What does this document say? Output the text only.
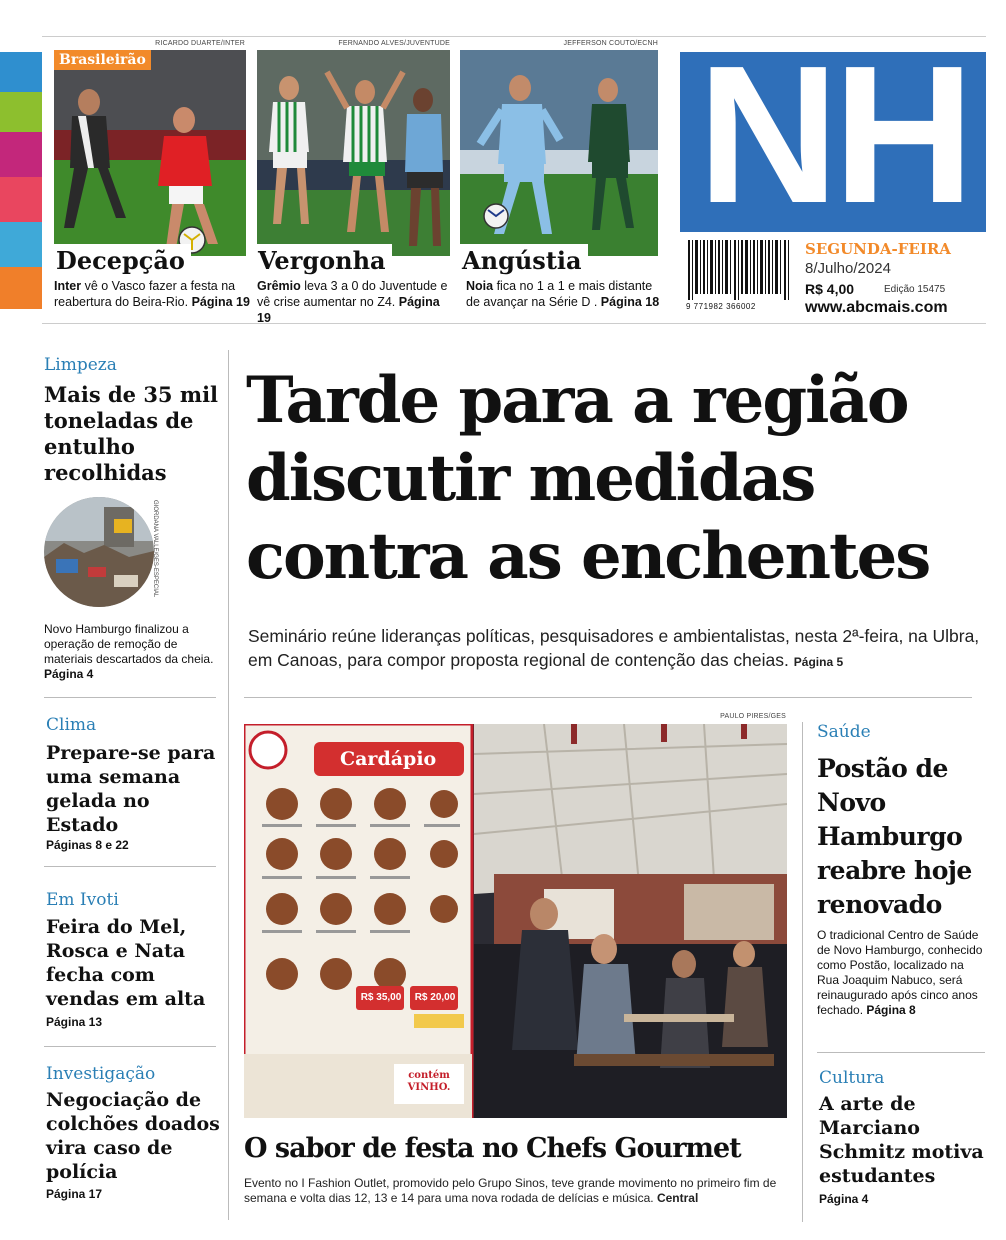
RICARDO DUARTE/INTER
Brasileirão
Decepção
Inter vê o Vasco fazer a festa na reabertura do Beira-Rio. Página 19
FERNANDO ALVES/JUVENTUDE
Vergonha
Grêmio leva 3 a 0 do Juventude e vê crise aumentar no Z4. Página 19
JEFFERSON COUTO/ECNH
Angústia
Noia fica no 1 a 1 e mais distante de avançar na Série D . Página 18
NH
9 771982 366002
SEGUNDA-FEIRA
8/Julho/2024
R$ 4,00	Edição 15475
www.abcmais.com
Tarde para a região discutir medidas contra as enchentes
Seminário reúne lideranças políticas, pesquisadores e ambientalistas, nesta 2ª-feira, na Ulbra, em Canoas, para compor proposta regional de contenção das cheias. Página 5
PAULO PIRES/GES
Cardápio
R$ 35,00 R$ 20,00
contém VINHO.
O sabor de festa no Chefs Gourmet
Evento no I Fashion Outlet, promovido pelo Grupo Sinos, teve grande movimento no primeiro fim de semana e volta dias 12, 13 e 14 para uma nova rodada de delícias e música. Central
Limpeza
Mais de 35 mil toneladas de entulho recolhidas
GIORDANA VALLE/GES-ESPECIAL
Novo Hamburgo finalizou a operação de remoção de materiais descartados da cheia. Página 4
Clima
Prepare-se para uma semana gelada no Estado
Páginas 8 e 22
Em Ivoti
Feira do Mel, Rosca e Nata fecha com vendas em alta
Página 13
Investigação
Negociação de colchões doados vira caso de polícia
Página 17
Saúde
Postão de Novo Hamburgo reabre hoje renovado
O tradicional Centro de Saúde de Novo Hamburgo, conhecido como Postão, localizado na Rua Joaquim Nabuco, será reinaugurado após cinco anos fechado. Página 8
Cultura
A arte de Marciano Schmitz motiva estudantes
Página 4
